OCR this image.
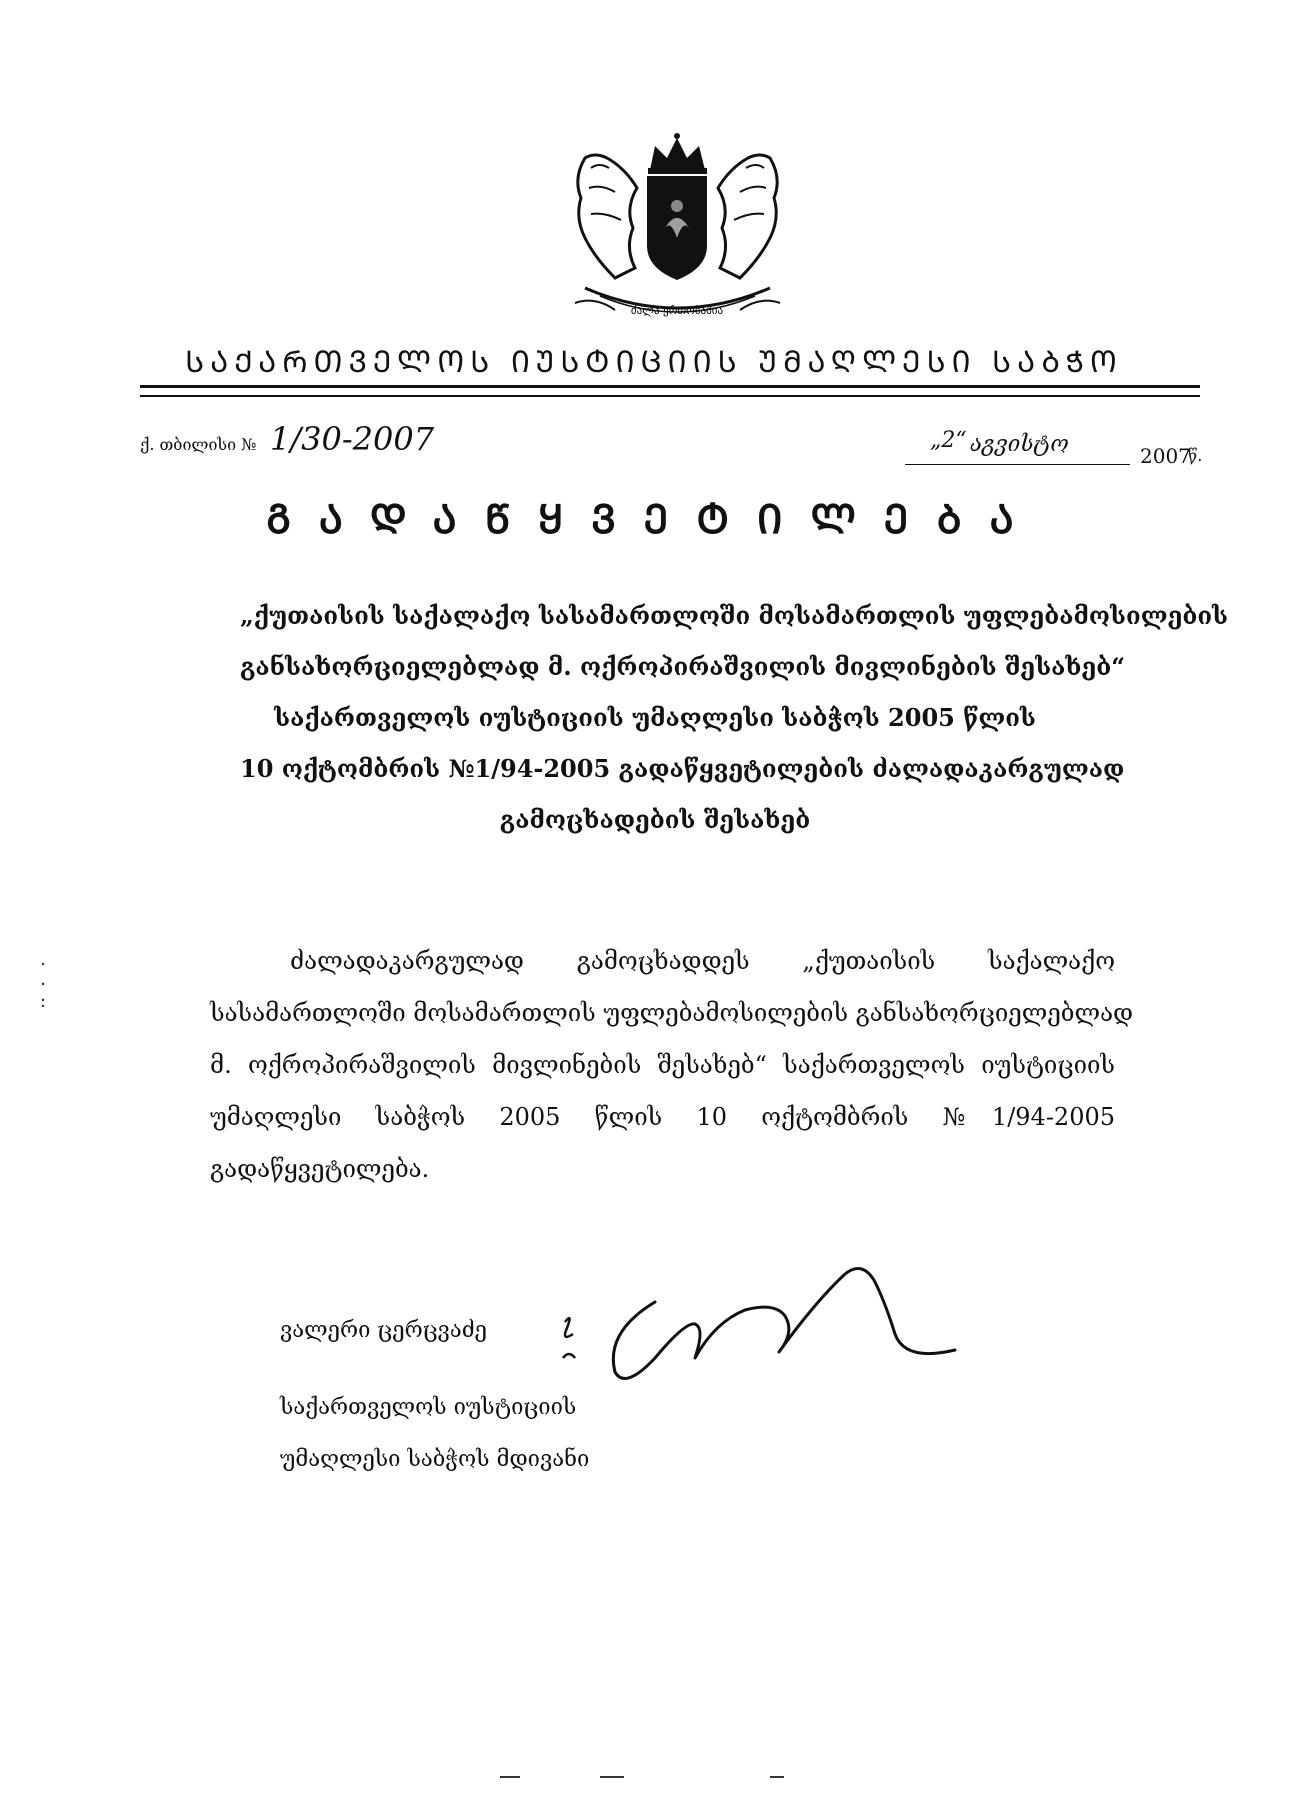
ძალა ერთობაშია
ᲡᲐᲥᲐᲠᲗᲕᲔᲚᲝᲡ ᲘᲣᲡᲢᲘᲪᲘᲘᲡ ᲣᲛᲐᲦᲚᲔᲡᲘ ᲡᲐᲑᲭᲝ
ქ. თბილისი № 1/30-2007	„2“ აგვისტო	2007
წ.
ᲒᲐᲓᲐᲬᲧᲕᲔᲢᲘᲚᲔᲑᲐ
„ქუთაისის საქალაქო სასამართლოში მოსამართლის უფლებამოსილების
განსახორციელებლად მ. ოქროპირაშვილის მივლინების შესახებ“
საქართველოს იუსტიციის უმაღლესი საბჭოს 2005 წლის
10 ოქტომბრის №1/94-2005 გადაწყვეტილების ძალადაკარგულად
გამოცხადების შესახებ
ძალადაკარგულად გამოცხადდეს „ქუთაისის საქალაქო
სასამართლოში მოსამართლის უფლებამოსილების განსახორციელებლად
მ. ოქროპირაშვილის მივლინების შესახებ“ საქართველოს იუსტიციის
უმაღლესი საბჭოს 2005 წლის 10 ოქტომბრის №1/94-2005
გადაწყვეტილება.
ვალერი ცერცვაძე
საქართველოს იუსტიციის
უმაღლესი საბჭოს მდივანი
